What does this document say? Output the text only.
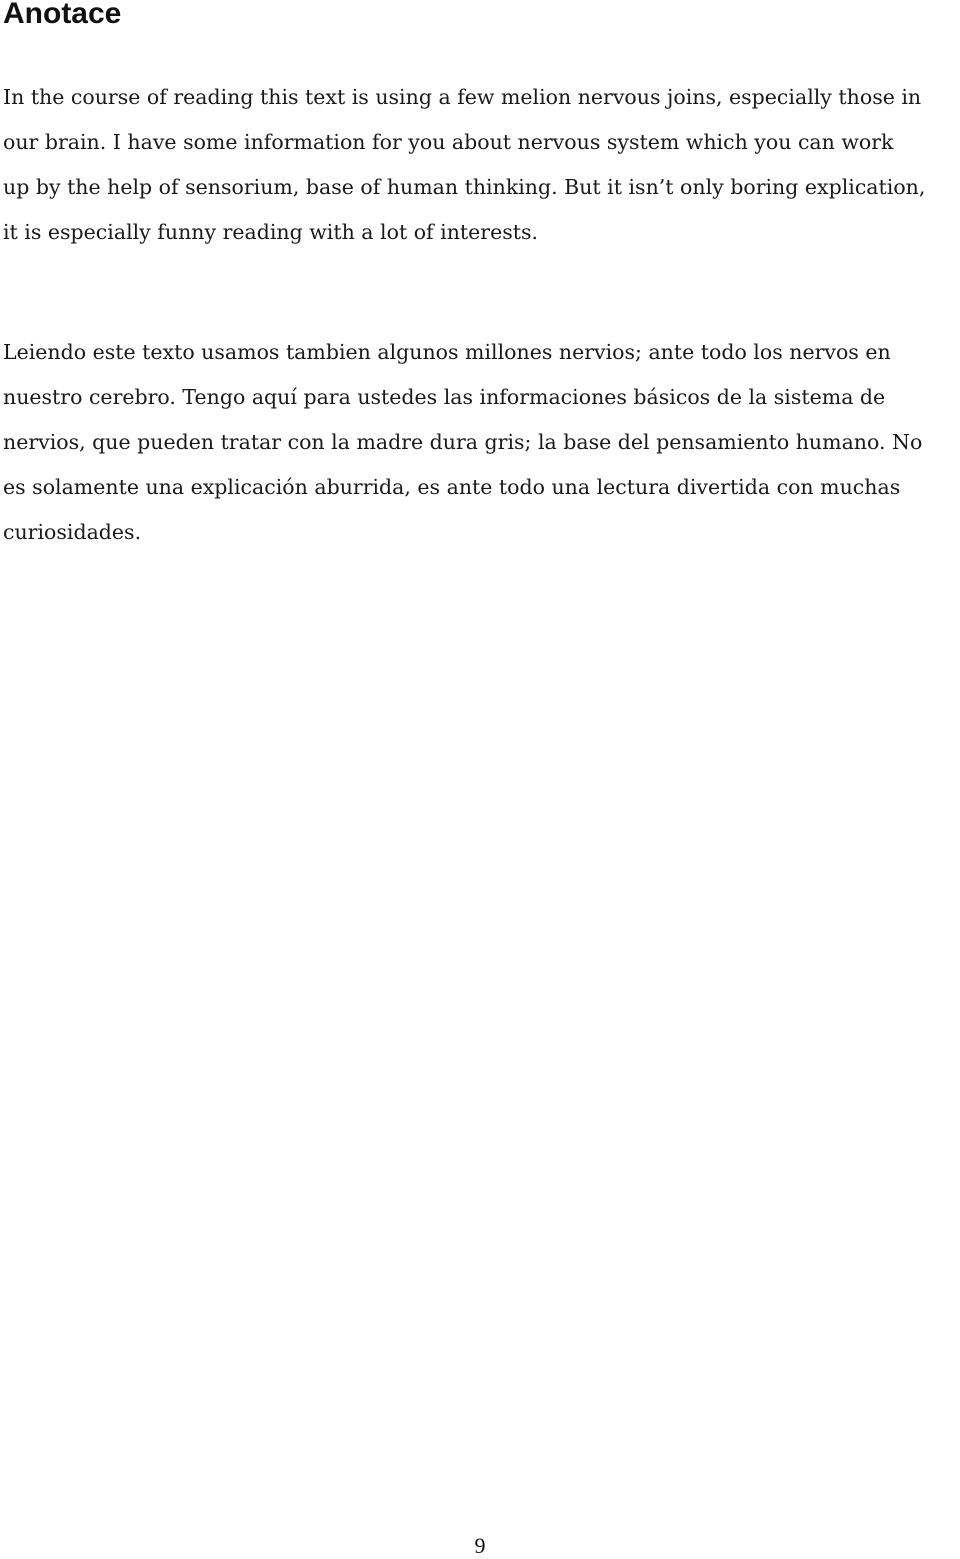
Anotace

In the course of reading this text is using a few melion nervous joins, especially those in
our brain. I have some information for you about nervous system which you can work
up by the help of sensorium, base of human thinking. But it isn’t only boring explication,
it is especially funny reading with a lot of interests.

Leiendo este texto usamos tambien algunos millones nervios; ante todo los nervos en
nuestro cerebro. Tengo aquí para ustedes las informaciones básicos de la sistema de
nervios, que pueden tratar con la madre dura gris; la base del pensamiento humano. No
es solamente una explicación aburrida, es ante todo una lectura divertida con muchas
curiosidades.

9
